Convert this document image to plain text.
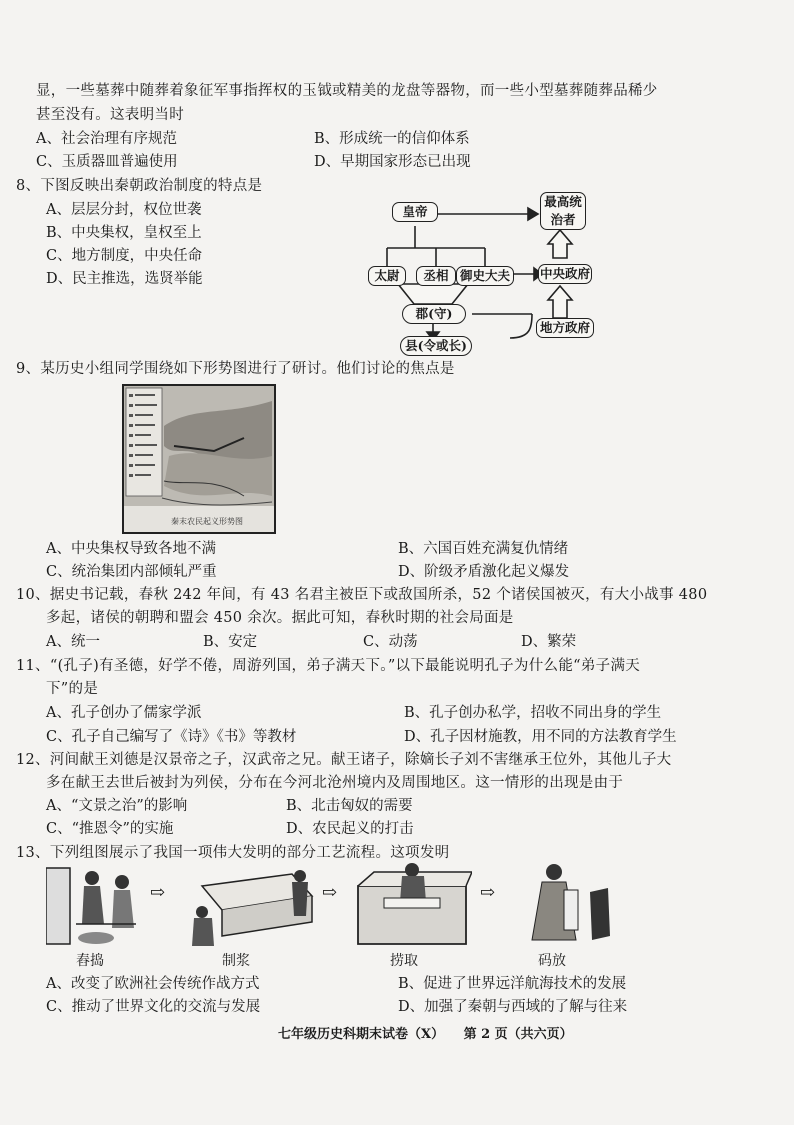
显，一些墓葬中随葬着象征军事指挥权的玉钺或精美的龙盘等器物，而一些小型墓葬随葬品稀少
甚至没有。这表明当时
A、社会治理有序规范	B、形成统一的信仰体系
C、玉质器皿普遍使用	D、早期国家形态已出现
8、下图反映出秦朝政治制度的特点是
A、层层分封，权位世袭
B、中央集权，皇权至上
C、地方制度，中央任命
D、民主推选，选贤举能
皇帝
最高统治者
太尉	丞相 御史大夫	中央政府
郡(守)
地方政府
县(令或长)
9、某历史小组同学围绕如下形势图进行了研讨。他们讨论的焦点是
秦末农民起义形势图
A、中央集权导致各地不满	B、六国百姓充满复仇情绪
C、统治集团内部倾轧严重	D、阶级矛盾激化起义爆发
10、据史书记载，春秋 242 年间，有 43 名君主被臣下或敌国所杀，52 个诸侯国被灭，有大小战事 480
多起，诸侯的朝聘和盟会 450 余次。据此可知，春秋时期的社会局面是
A、统一	B、安定	C、动荡	D、繁荣
11、“(孔子)有圣德，好学不倦，周游列国，弟子满天下。”以下最能说明孔子为什么能“弟子满天
下”的是
A、孔子创办了儒家学派	B、孔子创办私学，招收不同出身的学生
C、孔子自己编写了《诗》《书》等教材	D、孔子因材施教，用不同的方法教育学生
12、河间献王刘德是汉景帝之子，汉武帝之兄。献王诸子，除嫡长子刘不害继承王位外，其他儿子大
多在献王去世后被封为列侯，分布在今河北沧州境内及周围地区。这一情形的出现是由于
A、“文景之治”的影响	B、北击匈奴的需要
C、“推恩令”的实施	D、农民起义的打击
13、下列组图展示了我国一项伟大发明的部分工艺流程。这项发明
⇨	⇨	⇨
舂捣	制浆	捞取	码放
A、改变了欧洲社会传统作战方式	B、促进了世界远洋航海技术的发展
C、推动了世界文化的交流与发展	D、加强了秦朝与西域的了解与往来
七年级历史科期末试卷（X）　　第 2 页（共六页）
